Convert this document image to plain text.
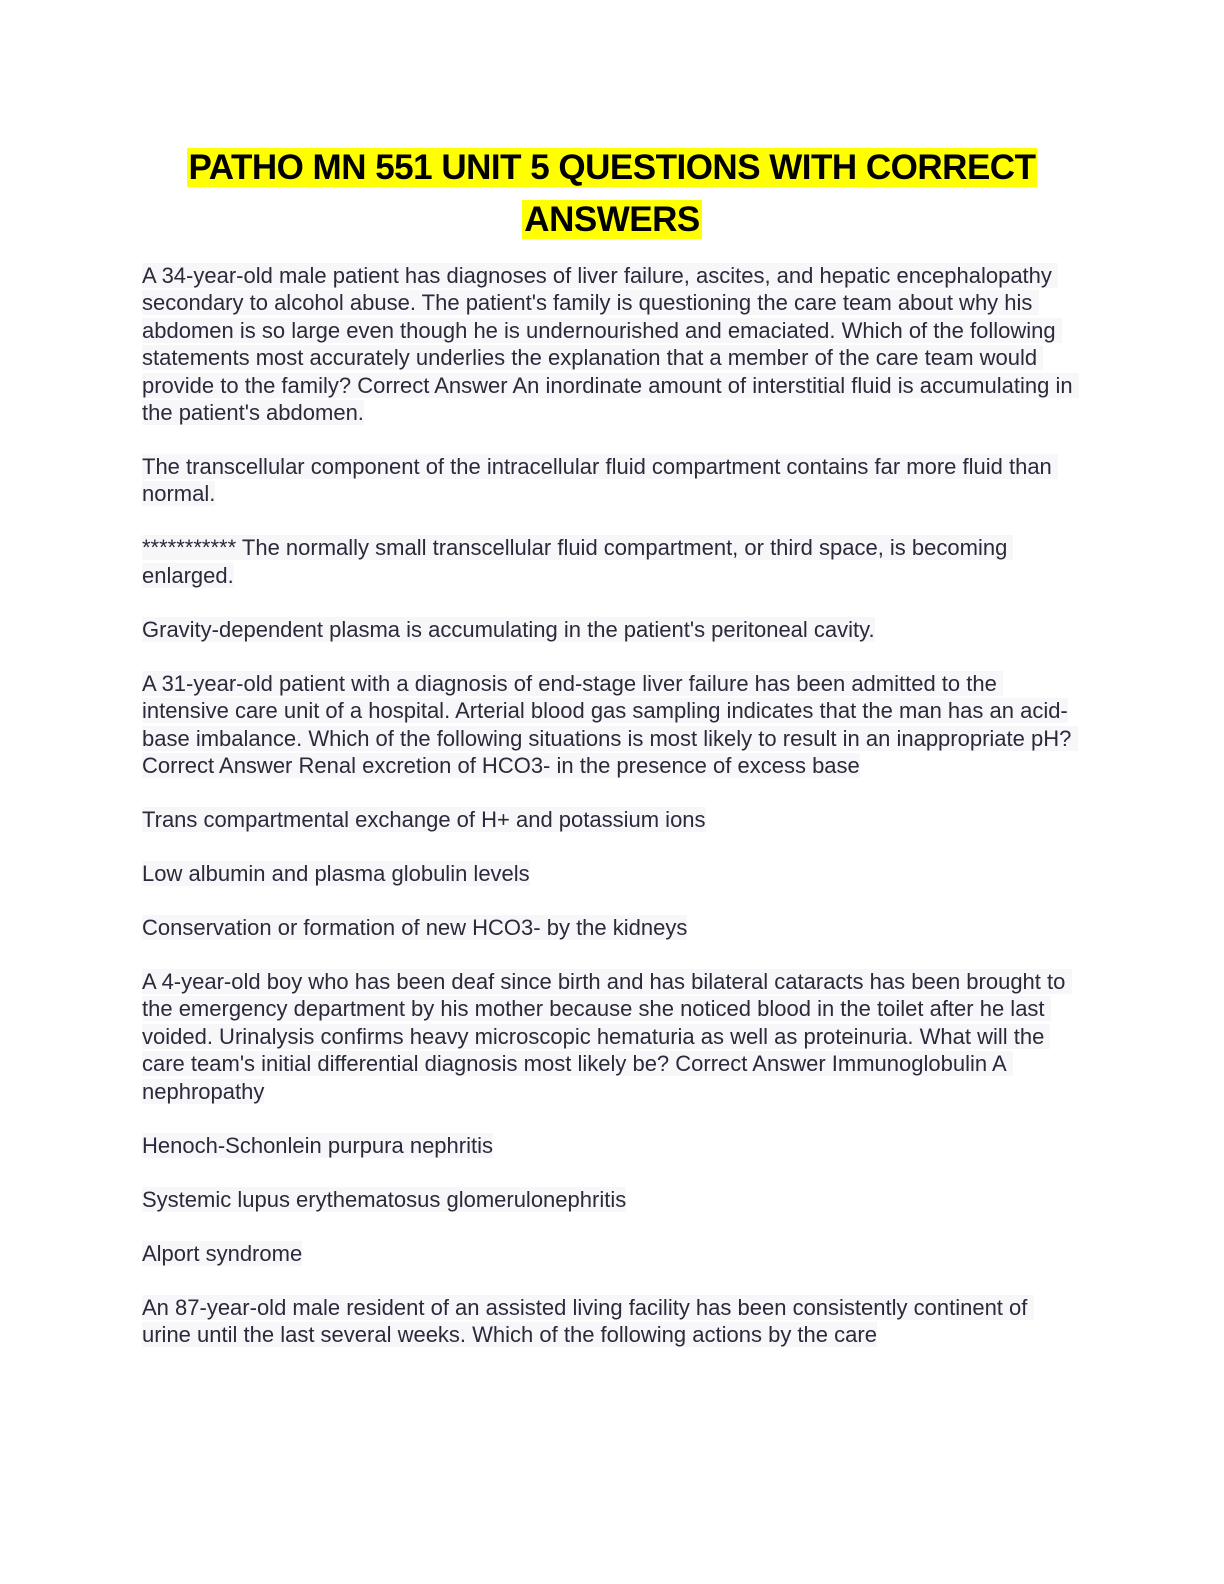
PATHO MN 551 UNIT 5 QUESTIONS WITH CORRECT
ANSWERS

A 34-year-old male patient has diagnoses of liver failure, ascites, and hepatic encephalopathy secondary to alcohol abuse. The patient's family is questioning the care team about why his abdomen is so large even though he is undernourished and emaciated. Which of the following statements most accurately underlies the explanation that a member of the care team would provide to the family? Correct Answer An inordinate amount of interstitial fluid is accumulating in the patient's abdomen.

The transcellular component of the intracellular fluid compartment contains far more fluid than normal.

*********** The normally small transcellular fluid compartment, or third space, is becoming enlarged.

Gravity-dependent plasma is accumulating in the patient's peritoneal cavity.

A 31-year-old patient with a diagnosis of end-stage liver failure has been admitted to the intensive care unit of a hospital. Arterial blood gas sampling indicates that the man has an acid-base imbalance. Which of the following situations is most likely to result in an inappropriate pH? Correct Answer Renal excretion of HCO3- in the presence of excess base

Trans compartmental exchange of H+ and potassium ions

Low albumin and plasma globulin levels

Conservation or formation of new HCO3- by the kidneys

A 4-year-old boy who has been deaf since birth and has bilateral cataracts has been brought to the emergency department by his mother because she noticed blood in the toilet after he last voided. Urinalysis confirms heavy microscopic hematuria as well as proteinuria. What will the care team's initial differential diagnosis most likely be? Correct Answer Immunoglobulin A nephropathy

Henoch-Schonlein purpura nephritis

Systemic lupus erythematosus glomerulonephritis

Alport syndrome

An 87-year-old male resident of an assisted living facility has been consistently continent of urine until the last several weeks. Which of the following actions by the care
